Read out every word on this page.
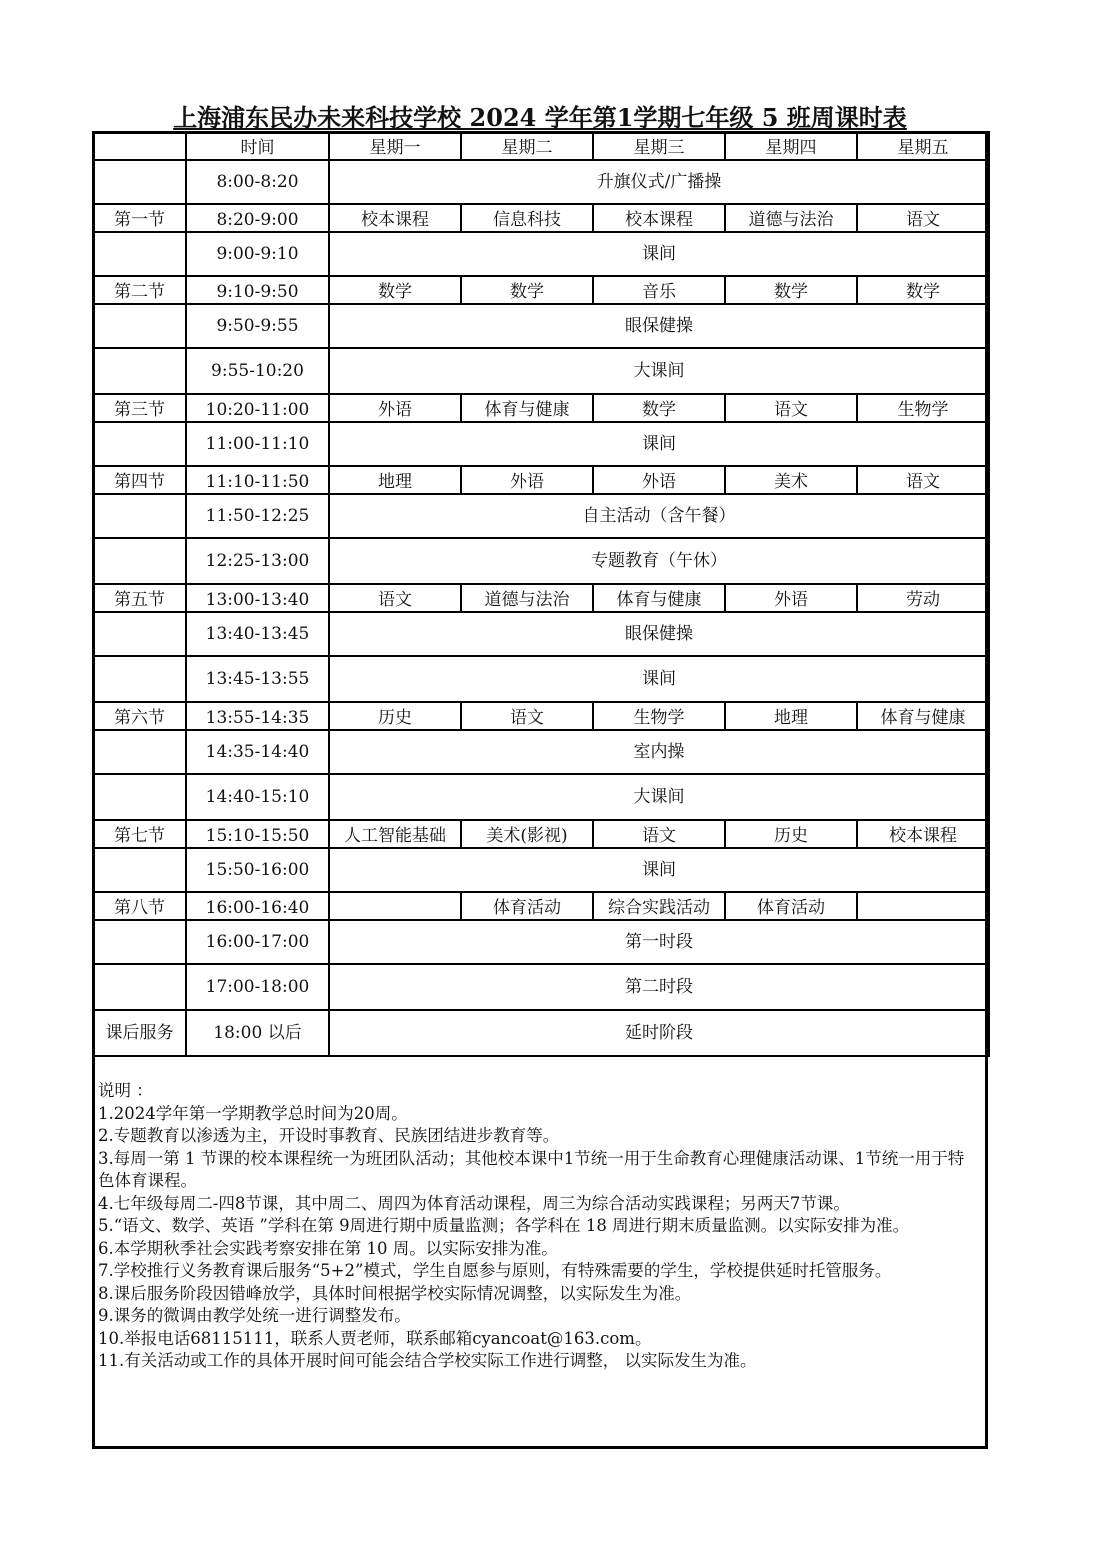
上海浦东民办未来科技学校 2024 学年第1学期七年级 5 班周课时表
	时间	星期一	星期二	星期三	星期四	星期五
	8:00-8:20	升旗仪式/广播操				
第一节	8:20-9:00	校本课程	信息科技	校本课程	道德与法治	语文
	9:00-9:10	课间				
第二节	9:10-9:50	数学	数学	音乐	数学	数学
	9:50-9:55	眼保健操				
	9:55-10:20	大课间				
第三节	10:20-11:00	外语	体育与健康	数学	语文	生物学
	11:00-11:10	课间				
第四节	11:10-11:50	地理	外语	外语	美术	语文
	11:50-12:25	自主活动（含午餐）				
	12:25-13:00	专题教育（午休）				
第五节	13:00-13:40	语文	道德与法治	体育与健康	外语	劳动
	13:40-13:45	眼保健操				
	13:45-13:55	课间				
第六节	13:55-14:35	历史	语文	生物学	地理	体育与健康
	14:35-14:40	室内操				
	14:40-15:10	大课间				
第七节	15:10-15:50	人工智能基础	美术(影视)	语文	历史	校本课程
	15:50-16:00	课间				
第八节	16:00-16:40		体育活动	综合实践活动	体育活动	
	16:00-17:00	第一时段				
	17:00-18:00	第二时段				
课后服务	18:00 以后	延时阶段				
说明 ：
1.2024学年第一学期教学总时间为20周。
2.专题教育以渗透为主，开设时事教育、民族团结进步教育等。
3.每周一第 1 节课的校本课程统一为班团队活动；其他校本课中1节统一用于生命教育心理健康活动课、1节统一用于特色体育课程。
4.七年级每周二-四8节课，其中周二、周四为体育活动课程，周三为综合活动实践课程；另两天7节课。
5.“语文、数学、英语 ”学科在第 9周进行期中质量监测；各学科在 18 周进行期末质量监测。以实际安排为准。
6.本学期秋季社会实践考察安排在第 10 周。以实际安排为准。
7.学校推行义务教育课后服务“5+2”模式，学生自愿参与原则，有特殊需要的学生，学校提供延时托管服务。
8.课后服务阶段因错峰放学，具体时间根据学校实际情况调整，以实际发生为准。
9.课务的微调由教学处统一进行调整发布。
10.举报电话68115111，联系人贾老师，联系邮箱cyancoat@163.com。
11.有关活动或工作的具体开展时间可能会结合学校实际工作进行调整， 以实际发生为准。
